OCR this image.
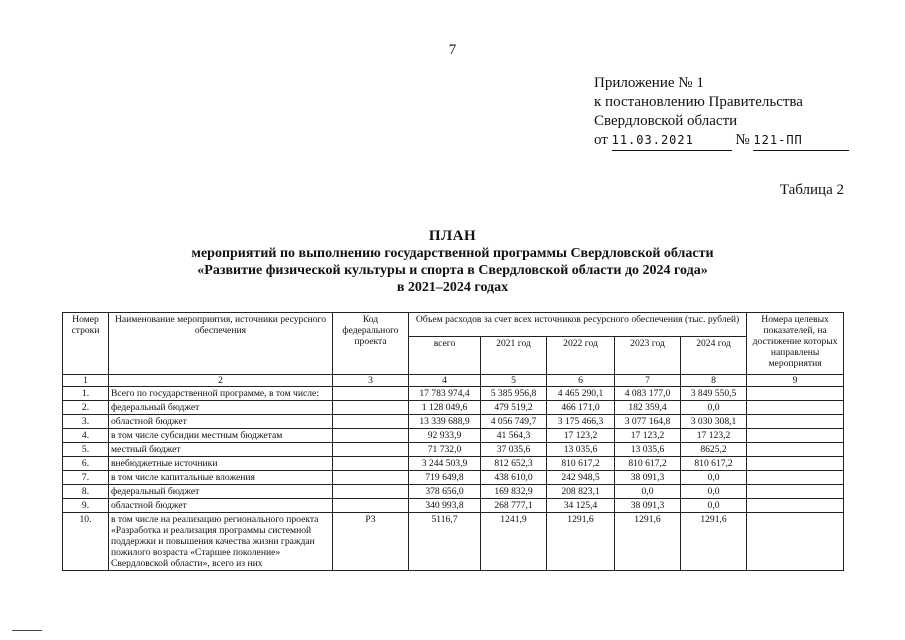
7
Приложение № 1
к постановлению Правительства
Свердловской области
от 11.03.2021	№ 121-ПП
Таблица 2
ПЛАН
мероприятий по выполнению государственной программы Свердловской области
«Развитие физической культуры и спорта в Свердловской области до 2024 года»
в 2021–2024 годах
Номер строки	Наименование мероприятия, источники ресурсного обеспечения	Код федерального проекта	Объем расходов за счет всех источников ресурсного обеспечения (тыс. рублей)					Номера целевых показателей, на достижение которых направлены мероприятия
			всего	2021 год	2022 год	2023 год	2024 год	
1	2	3	4	5	6	7	8	9
1.	Всего по государственной программе, в том числе:		17 783 974,4	5 385 956,8	4 465 290,1	4 083 177,0	3 849 550,5	
2.	федеральный бюджет		1 128 049,6	479 519,2	466 171,0	182 359,4	0,0	
3.	областной бюджет		13 339 688,9	4 056 749,7	3 175 466,3	3 077 164,8	3 030 308,1	
4.	в том числе субсидии местным бюджетам		92 933,9	41 564,3	17 123,2	17 123,2	17 123,2	
5.	местный бюджет		71 732,0	37 035,6	13 035,6	13 035,6	8625,2	
6.	внебюджетные источники		3 244 503,9	812 652,3	810 617,2	810 617,2	810 617,2	
7.	в том числе капитальные вложения		719 649,8	438 610,0	242 948,5	38 091,3	0,0	
8.	федеральный бюджет		378 656,0	169 832,9	208 823,1	0,0	0,0	
9.	областной бюджет		340 993,8	268 777,1	34 125,4	38 091,3	0,0	
10.	в том числе на реализацию регионального проекта «Разработка и реализация программы системной поддержки и повышения качества жизни граждан пожилого возраста «Старшее поколение» Свердловской области», всего из них	Р3	5116,7	1241,9	1291,6	1291,6	1291,6	
